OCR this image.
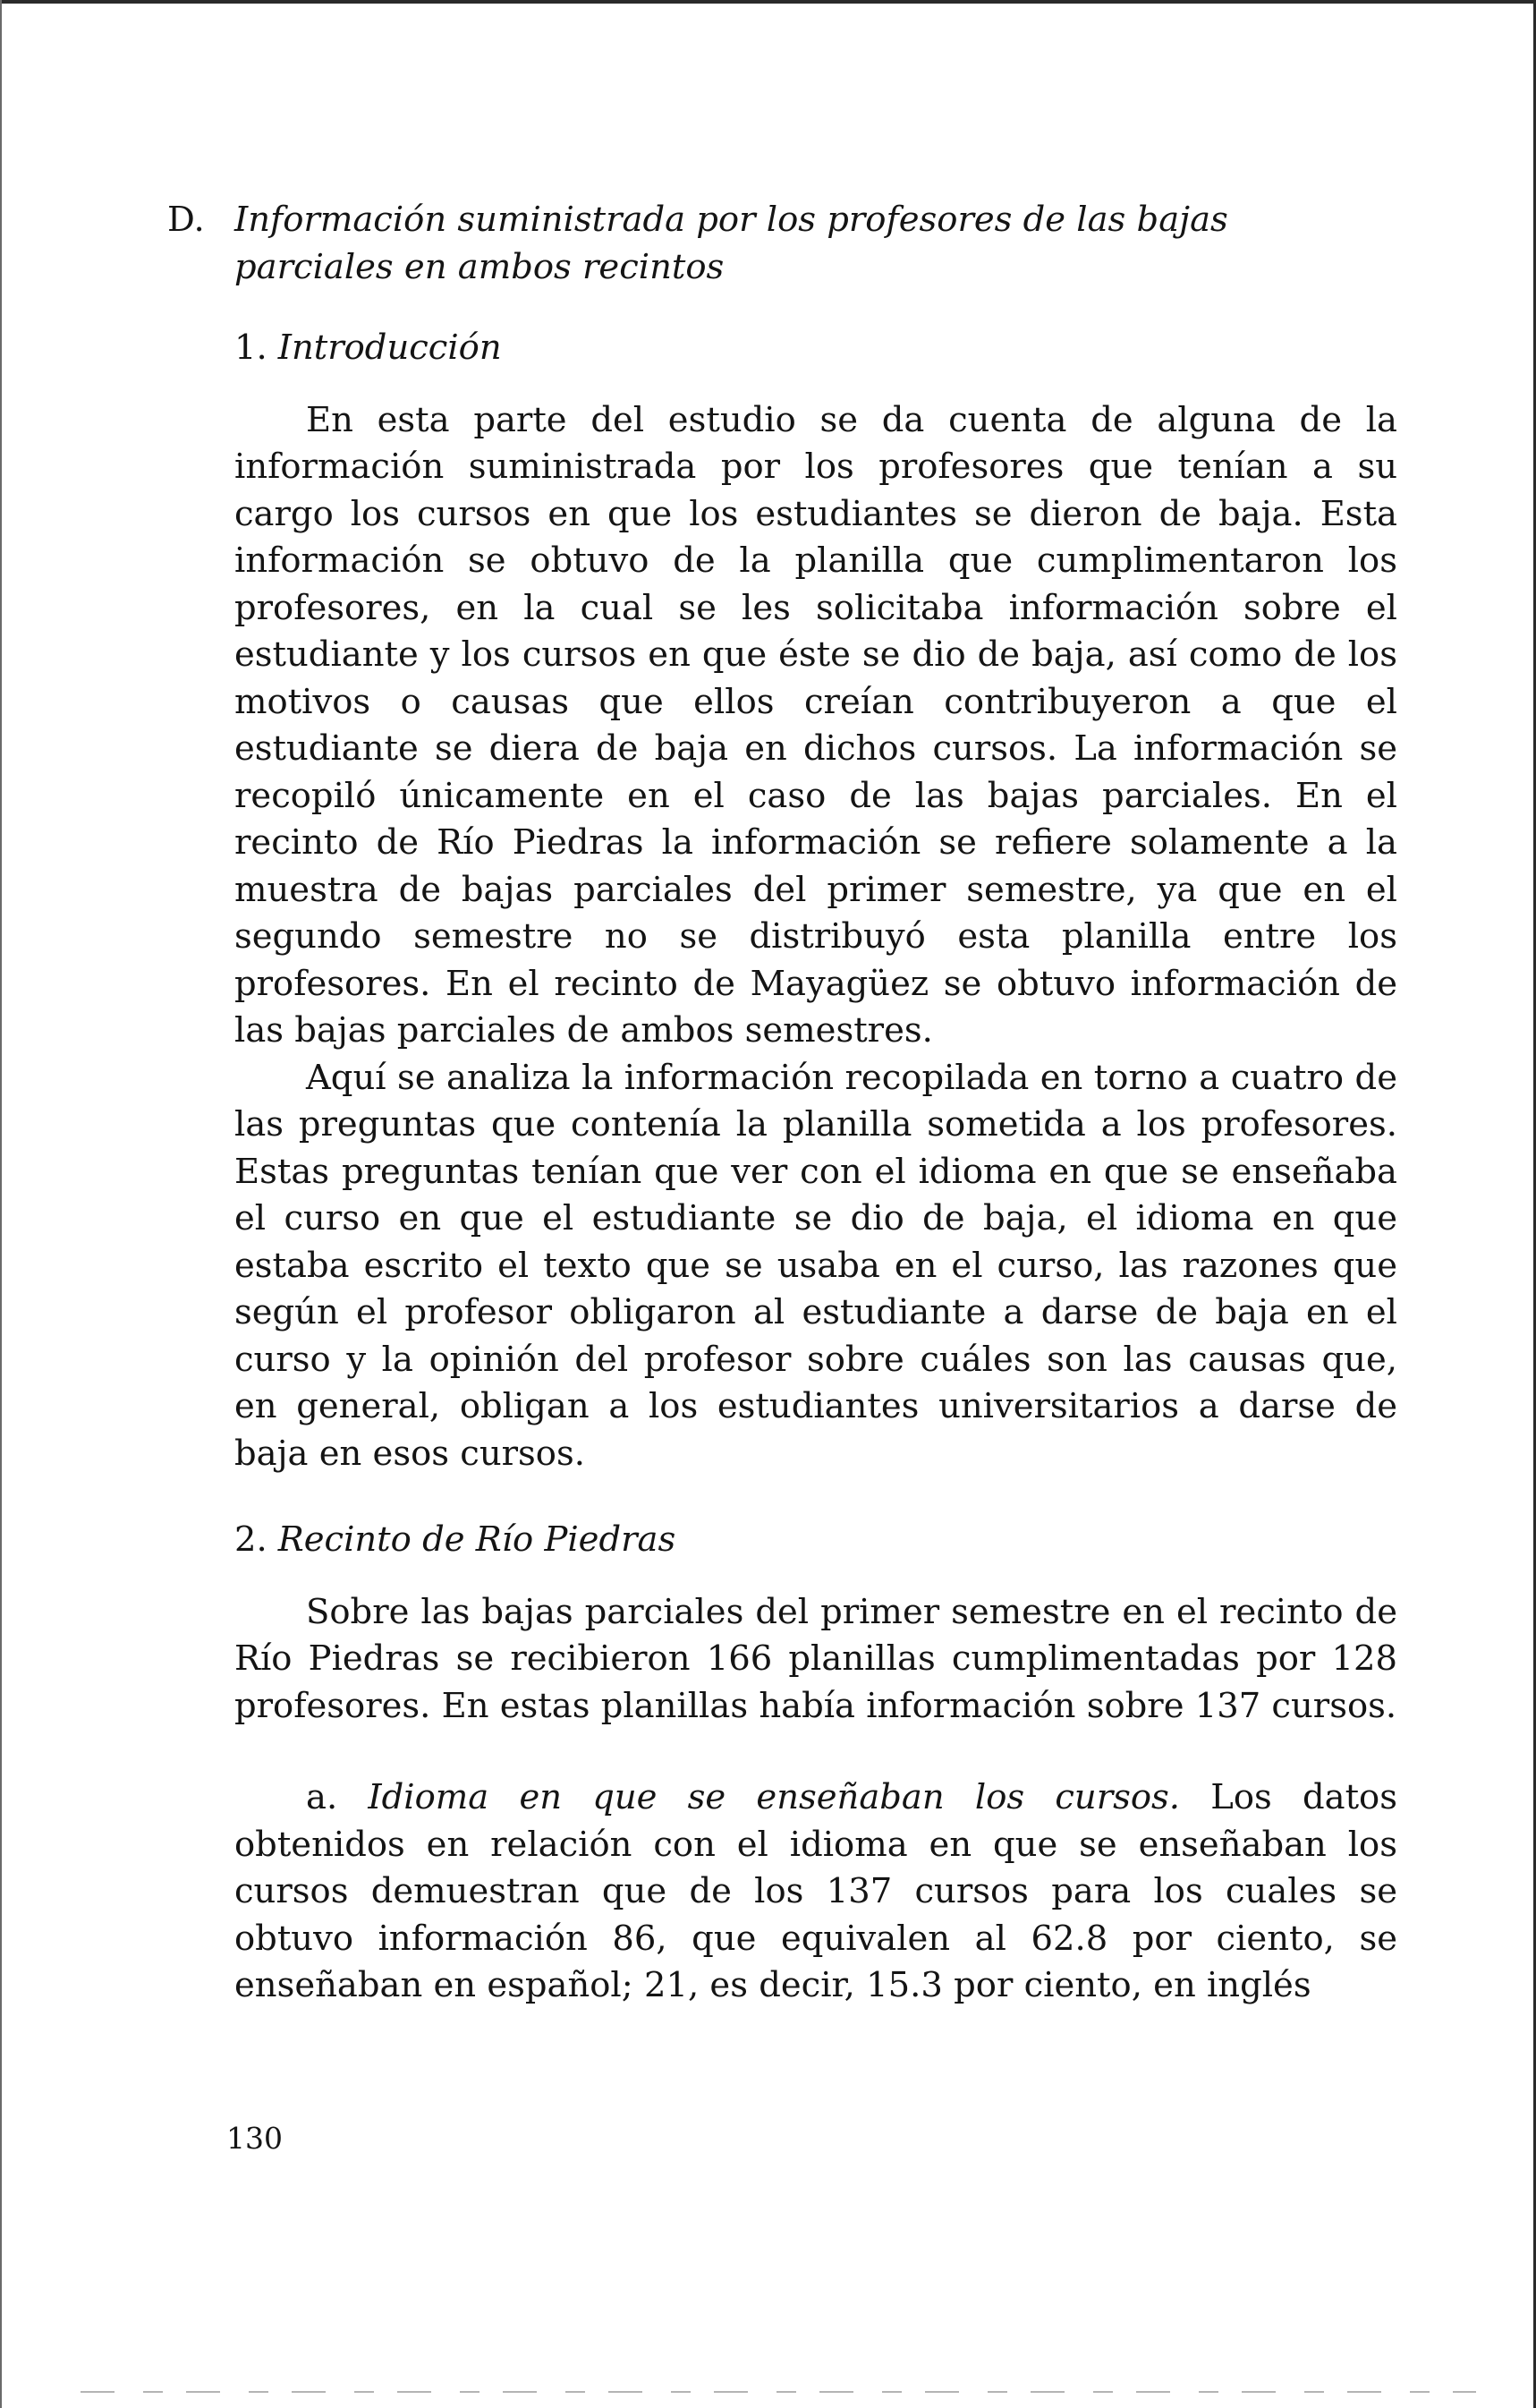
D. Información suministrada por los profesores de las bajas parciales en ambos recintos
1. Introducción

En esta parte del estudio se da cuenta de alguna de la información suministrada por los profesores que tenían a su cargo los cursos en que los estudiantes se dieron de baja. Esta información se obtuvo de la planilla que cumplimentaron los profesores, en la cual se les solicitaba información sobre el estudiante y los cursos en que éste se dio de baja, así como de los motivos o causas que ellos creían contribuyeron a que el estudiante se diera de baja en dichos cursos. La información se recopiló únicamente en el caso de las bajas parciales. En el recinto de Río Piedras la información se refiere solamente a la muestra de bajas parciales del primer semestre, ya que en el segundo semestre no se distribuyó esta planilla entre los profesores. En el recinto de Mayagüez se obtuvo información de las bajas parciales de ambos semestres.

Aquí se analiza la información recopilada en torno a cuatro de las preguntas que contenía la planilla sometida a los profesores. Estas preguntas tenían que ver con el idioma en que se enseñaba el curso en que el estudiante se dio de baja, el idioma en que estaba escrito el texto que se usaba en el curso, las razones que según el profesor obligaron al estudiante a darse de baja en el curso y la opinión del profesor sobre cuáles son las causas que, en general, obligan a los estudiantes universitarios a darse de baja en esos cursos.

2. Recinto de Río Piedras

Sobre las bajas parciales del primer semestre en el recinto de Río Piedras se recibieron 166 planillas cumplimentadas por 128 profesores. En estas planillas había información sobre 137 cursos.

a. Idioma en que se enseñaban los cursos. Los datos obtenidos en relación con el idioma en que se enseñaban los cursos demuestran que de los 137 cursos para los cuales se obtuvo información 86, que equivalen al 62.8 por ciento, se enseñaban en español; 21, es decir, 15.3 por ciento, en inglés

130
